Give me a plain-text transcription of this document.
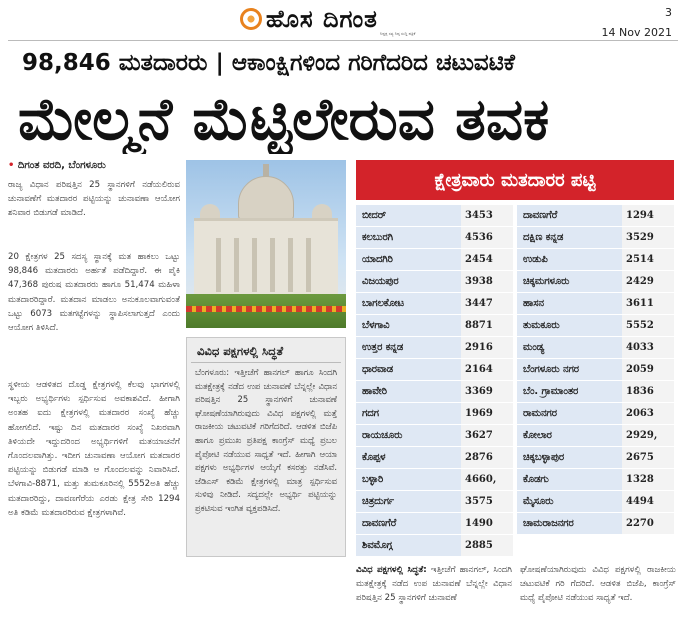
ಹೊಸ ದಿಗಂತ
ನಿಷ್ಪಕ್ಷ ಸತ್ಯ ನಿಷ್ಠ ಸುದ್ದಿ ಪತ್ರಿಕೆ
3
14 Nov 2021
98,846 ಮತದಾರರು | ಆಕಾಂಕ್ಷಿಗಳಿಂದ ಗರಿಗೆದರಿದ ಚಟುವಟಿಕೆ
ಮೇಲ್ಮನೆ ಮೆಟ್ಟಿಲೇರುವ ತವಕ
• ದಿಗಂತ ವರದಿ, ಬೆಂಗಳೂರು

ರಾಜ್ಯ ವಿಧಾನ ಪರಿಷತ್ತಿನ 25 ಸ್ಥಾನಗಳಿಗೆ ನಡೆಯಲಿರುವ ಚುನಾವಣೆಗೆ ಮತದಾರರ ಪಟ್ಟಿಯನ್ನು ಚುನಾವಣಾ ಆಯೋಗ ಶನಿವಾರ ಬಿಡುಗಡೆ ಮಾಡಿದೆ.

20 ಕ್ಷೇತ್ರಗಳ 25 ಸದಸ್ಯ ಸ್ಥಾನಕ್ಕೆ ಮತ ಹಾಕಲು ಒಟ್ಟು 98,846 ಮತದಾರರು ಅರ್ಹತೆ ಪಡೆದಿದ್ದಾರೆ. ಈ ಪೈಕಿ 47,368 ಪುರುಷ ಮತದಾರರು ಹಾಗೂ 51,474 ಮಹಿಳಾ ಮತದಾರರಿದ್ದಾರೆ. ಮತದಾನ ಮಾಡಲು ಅನುಕೂಲವಾಗುವಂತೆ ಒಟ್ಟು 6073 ಮತಗಟ್ಟೆಗಳನ್ನು ಸ್ಥಾಪಿಸಲಾಗುತ್ತದೆ ಎಂದು ಆಯೋಗ ತಿಳಿಸಿದೆ.

ಸ್ಥಳೀಯ ಆಡಳಿತದ ದೊಡ್ಡ ಕ್ಷೇತ್ರಗಳಲ್ಲಿ ಕೆಲವು ಭಾಗಗಳಲ್ಲಿ ಇಬ್ಬರು ಅಭ್ಯರ್ಥಿಗಳು ಸ್ಪರ್ಧಿಸುವ ಅವಕಾಶವಿದೆ. ಹೀಗಾಗಿ ಅಂತಹ ಐದು ಕ್ಷೇತ್ರಗಳಲ್ಲಿ ಮತದಾರರ ಸಂಖ್ಯೆ ಹೆಚ್ಚು ಹೋಗಲಿದೆ. ಇಷ್ಟು ದಿನ ಮತದಾರರ ಸಂಖ್ಯೆ ನಿಖರವಾಗಿ ತಿಳಿಯದೇ ಇದ್ದುದರಿಂದ ಅಭ್ಯರ್ಥಿಗಳಿಗೆ ಮತಯಾಚನೆಗೆ ಗೊಂದಲವಾಗಿತ್ತು. ಇದೀಗ ಚುನಾವಣಾ ಆಯೋಗ ಮತದಾರರ ಪಟ್ಟಿಯನ್ನು ಬಿಡುಗಡೆ ಮಾಡಿ ಆ ಗೊಂದಲವನ್ನು ನಿವಾರಿಸಿದೆ. ಬೆಳಗಾವಿ-8871, ಮತ್ತು ತುಮಕೂರಿನಲ್ಲಿ 5552ಅತಿ ಹೆಚ್ಚು ಮತದಾರರಿದ್ದು, ದಾವಣಗೆರೆಯ ಎರಡು ಕ್ಷೇತ್ರ ಸೇರಿ 1294 ಅತಿ ಕಡಿಮೆ ಮತದಾರರಿರುವ ಕ್ಷೇತ್ರಗಳಾಗಿವೆ.

ವಿವಿಧ ಪಕ್ಷಗಳಲ್ಲಿ ಸಿದ್ಧತೆ
ಬೆಂಗಳೂರು: ಇತ್ತೀಚೆಗೆ ಹಾನಗಲ್ ಹಾಗೂ ಸಿಂದಗಿ ಮತಕ್ಷೇತ್ರಕ್ಕೆ ನಡೆದ ಉಪ ಚುನಾವಣೆ ಬೆನ್ನಲ್ಲೇ ವಿಧಾನ ಪರಿಷತ್ತಿನ 25 ಸ್ಥಾನಗಳಿಗೆ ಚುನಾವಣೆ ಘೋಷಣೆಯಾಗಿರುವುದು ವಿವಿಧ ಪಕ್ಷಗಳಲ್ಲಿ ಮತ್ತೆ ರಾಜಕೀಯ ಚಟುವಟಿಕೆ ಗರಿಗೆದರಿದೆ. ಆಡಳಿತ ಬಿಜೆಪಿ ಹಾಗೂ ಪ್ರಮುಖ ಪ್ರತಿಪಕ್ಷ ಕಾಂಗ್ರೆಸ್ ಮಧ್ಯೆ ಪ್ರಬಲ ಪೈಪೋಟಿ ನಡೆಯುವ ಸಾಧ್ಯತೆ ಇದೆ. ಹೀಗಾಗಿ ಆಯಾ ಪಕ್ಷಗಳು ಅಭ್ಯರ್ಥಿಗಳ ಆಯ್ಕೆಗೆ ಕಸರತ್ತು ನಡೆಸಿವೆ. ಜೆಡಿಎಸ್ ಕಡಿಮೆ ಕ್ಷೇತ್ರಗಳಲ್ಲಿ ಮಾತ್ರ ಸ್ಪರ್ಧಿಸುವ ಸುಳಿವು ನೀಡಿದೆ. ಸದ್ಯದಲ್ಲೇ ಅಭ್ಯರ್ಥಿ ಪಟ್ಟಿಯನ್ನು ಪ್ರಕಟಿಸುವ ಇಂಗಿತ ವ್ಯಕ್ತಪಡಿಸಿದೆ.
ಕ್ಷೇತ್ರವಾರು ಮತದಾರರ ಪಟ್ಟಿ
ಬೀದರ್	3453
ಕಲಬುರಗಿ	4536
ಯಾದಗಿರಿ	2454
ವಿಜಯಪುರ	3938
ಬಾಗಲಕೋಟ	3447
ಬೆಳಗಾವಿ	8871
ಉತ್ತರ ಕನ್ನಡ	2916
ಧಾರವಾಡ	2164
ಹಾವೇರಿ	3369
ಗದಗ	1969
ರಾಯಚೂರು	3627
ಕೊಪ್ಪಳ	2876
ಬಳ್ಳಾರಿ	4660,
ಚಿತ್ರದುರ್ಗ	3575
ದಾವಣಗೆರೆ	1490
ಶಿವಮೊಗ್ಗ	2885
ದಾವಣಗೆರೆ	1294
ದಕ್ಷಿಣ ಕನ್ನಡ	3529
ಉಡುಪಿ	2514
ಚಿಕ್ಕಮಗಳೂರು	2429
ಹಾಸನ	3611
ತುಮಕೂರು	5552
ಮಂಡ್ಯ	4033
ಬೆಂಗಳೂರು ನಗರ	2059
ಬೆಂ. ಗ್ರಾಮಾಂತರ	1836
ರಾಮನಗರ	2063
ಕೋಲಾರ	2929,
ಚಿಕ್ಕಬಳ್ಳಾಪುರ	2675
ಕೊಡಗು	1328
ಮೈಸೂರು	4494
ಚಾಮರಾಜನಗರ	2270

ವಿವಿಧ ಪಕ್ಷಗಳಲ್ಲಿ ಸಿದ್ಧತೆ: ಇತ್ತೀಚೆಗೆ ಹಾನಗಲ್, ಸಿಂದಗಿ ಮತಕ್ಷೇತ್ರಕ್ಕೆ ನಡೆದ ಉಪ ಚುನಾವಣೆ ಬೆನ್ನಲ್ಲೇ ವಿಧಾನ ಪರಿಷತ್ತಿನ 25 ಸ್ಥಾನಗಳಿಗೆ ಚುನಾವಣೆ

ಘೋಷಣೆಯಾಗಿರುವುದು ವಿವಿಧ ಪಕ್ಷಗಳಲ್ಲಿ ರಾಜಕೀಯ ಚಟುವಟಿಕೆ ಗರಿ ಗೆದರಿದೆ. ಆಡಳಿತ ಬಿಜೆಪಿ, ಕಾಂಗ್ರೆಸ್ ಮಧ್ಯೆ ಪೈಪೋಟಿ ನಡೆಯುವ ಸಾಧ್ಯತೆ ಇದೆ.
